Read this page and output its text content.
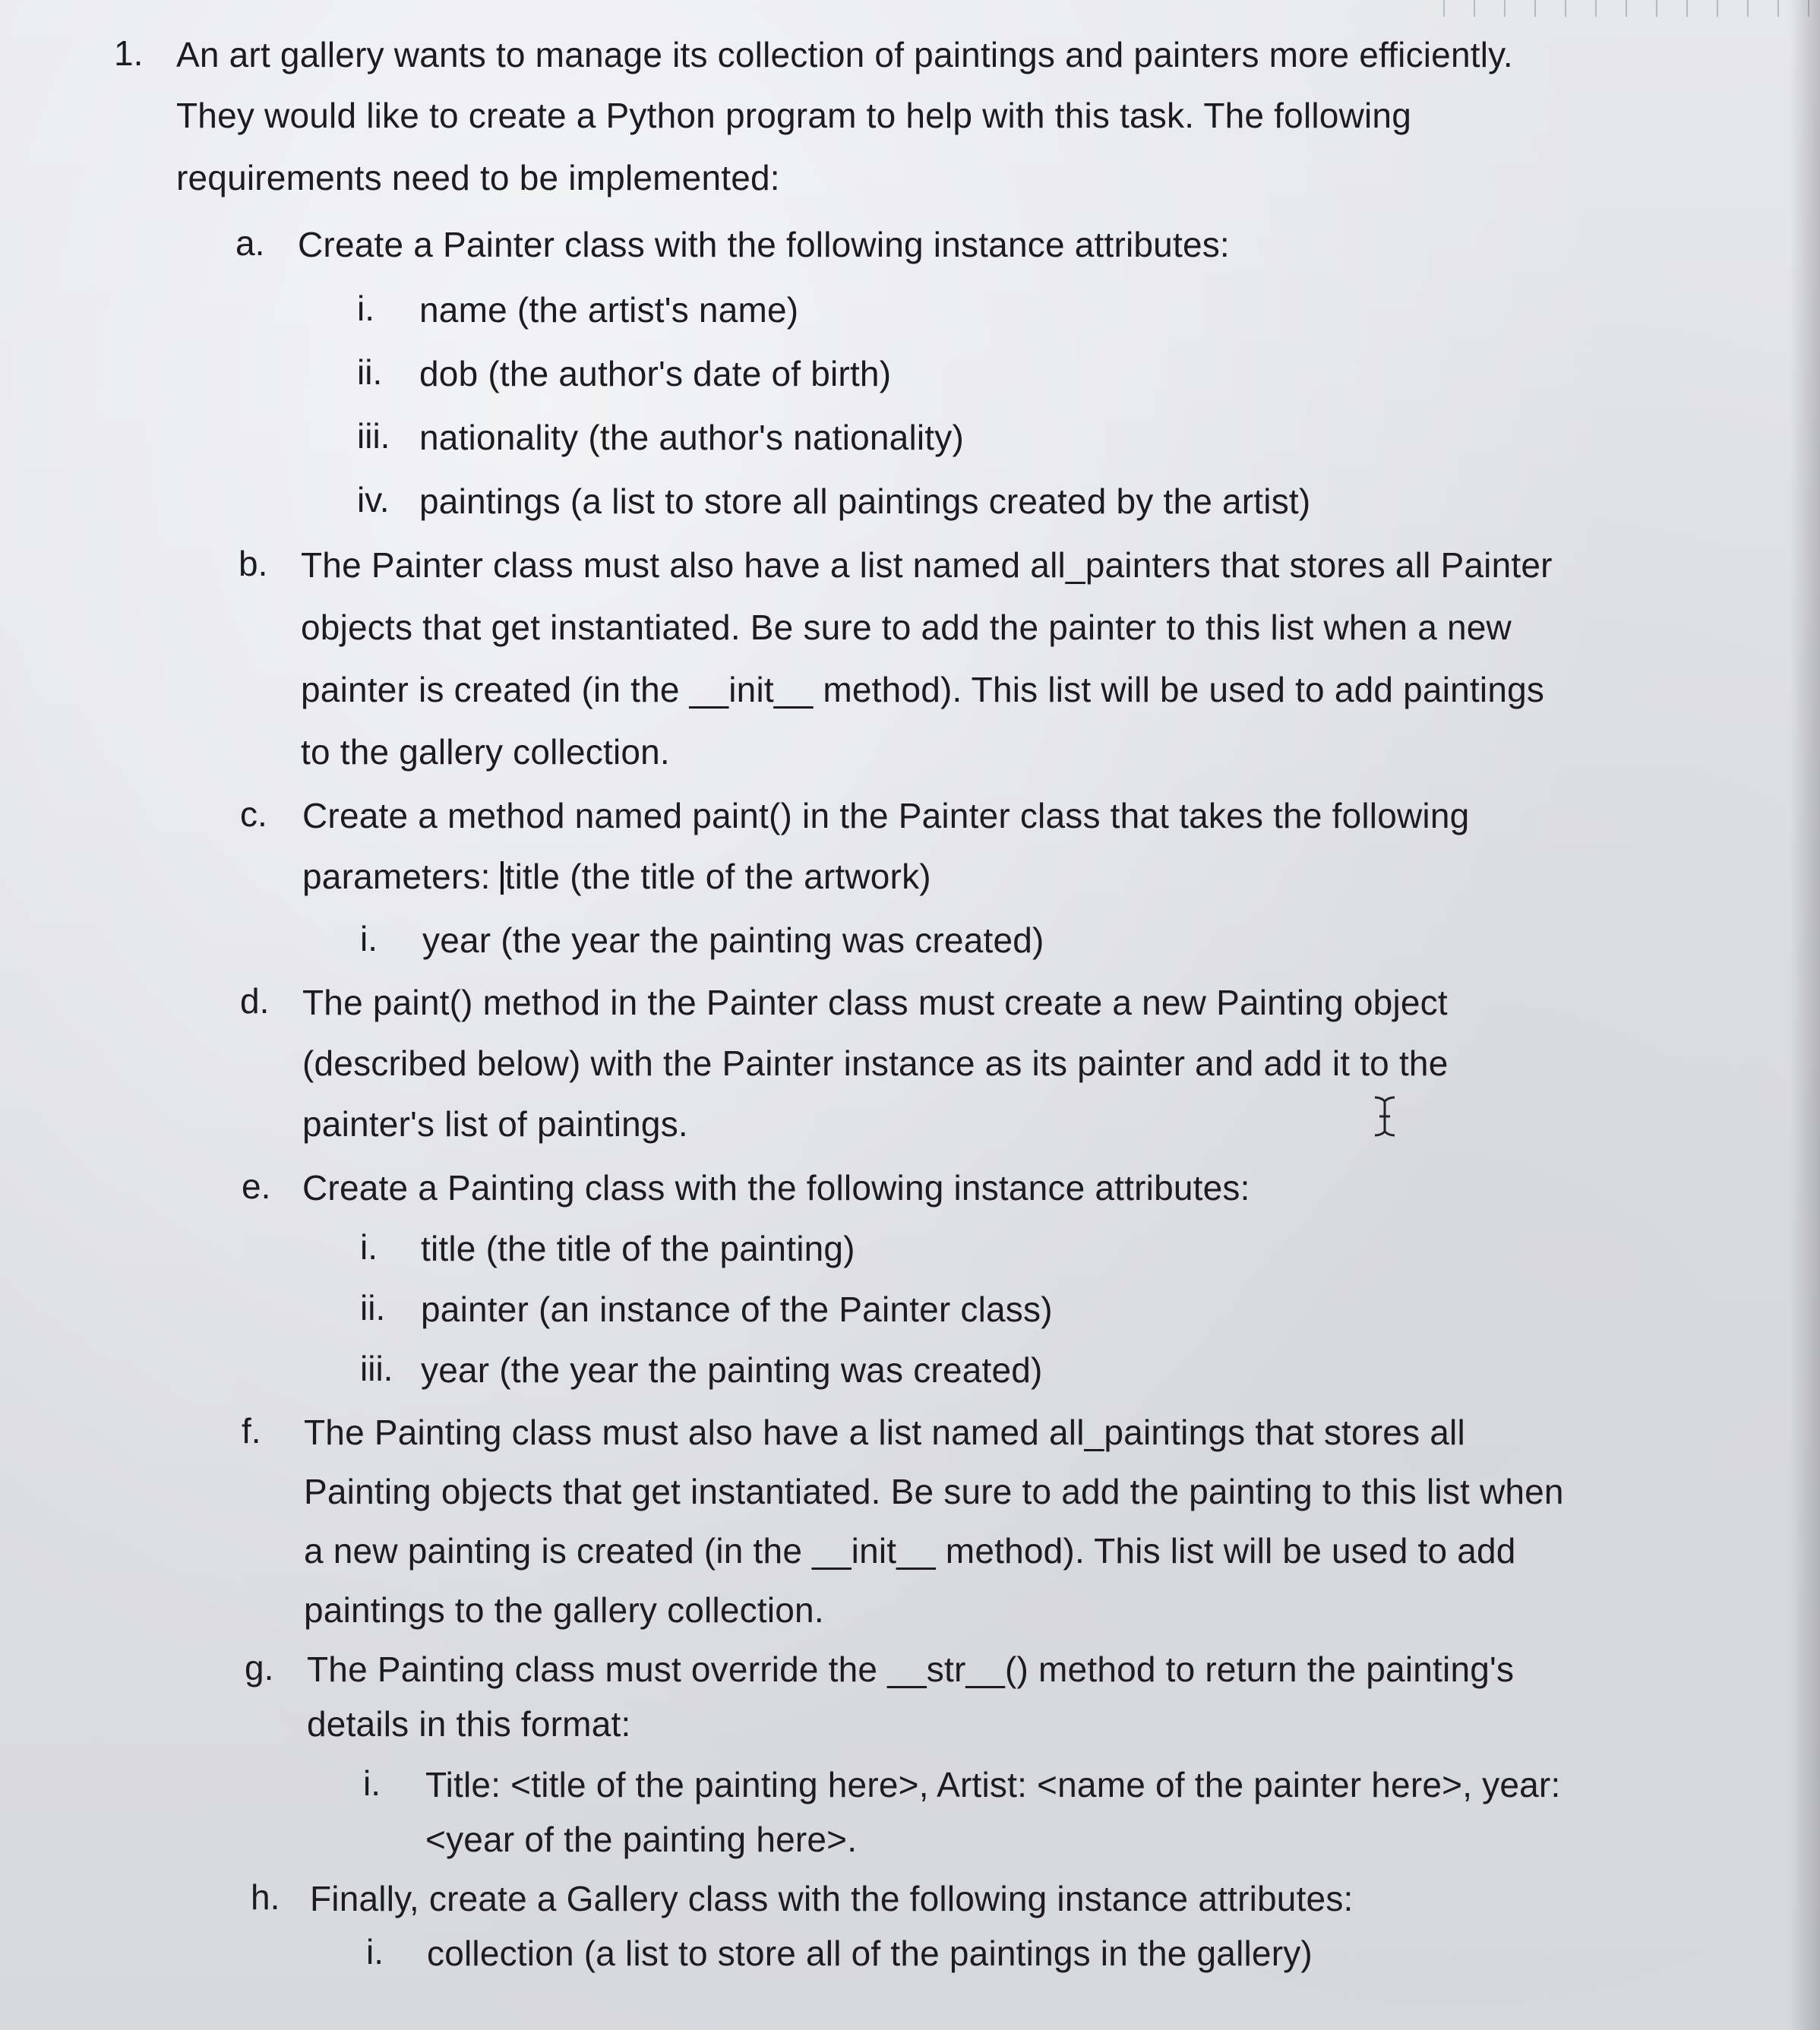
1. An art gallery wants to manage its collection of paintings and painters more efficiently.
They would like to create a Python program to help with this task. The following
requirements need to be implemented:
a. Create a Painter class with the following instance attributes:
i. name (the artist's name)
ii. dob (the author's date of birth)
iii. nationality (the author's nationality)
iv. paintings (a list to store all paintings created by the artist)
b. The Painter class must also have a list named all_painters that stores all Painter
objects that get instantiated. Be sure to add the painter to this list when a new
painter is created (in the __init__ method). This list will be used to add paintings
to the gallery collection.
c. Create a method named paint() in the Painter class that takes the following
parameters: title (the title of the artwork)
i. year (the year the painting was created)
d. The paint() method in the Painter class must create a new Painting object
(described below) with the Painter instance as its painter and add it to the
painter's list of paintings.
e. Create a Painting class with the following instance attributes:
i. title (the title of the painting)
ii. painter (an instance of the Painter class)
iii. year (the year the painting was created)
f. The Painting class must also have a list named all_paintings that stores all
Painting objects that get instantiated. Be sure to add the painting to this list when
a new painting is created (in the __init__ method). This list will be used to add
paintings to the gallery collection.
g. The Painting class must override the __str__() method to return the painting's
details in this format:
i. Title: <title of the painting here>, Artist: <name of the painter here>, year:
<year of the painting here>.
h. Finally, create a Gallery class with the following instance attributes:
i. collection (a list to store all of the paintings in the gallery)
